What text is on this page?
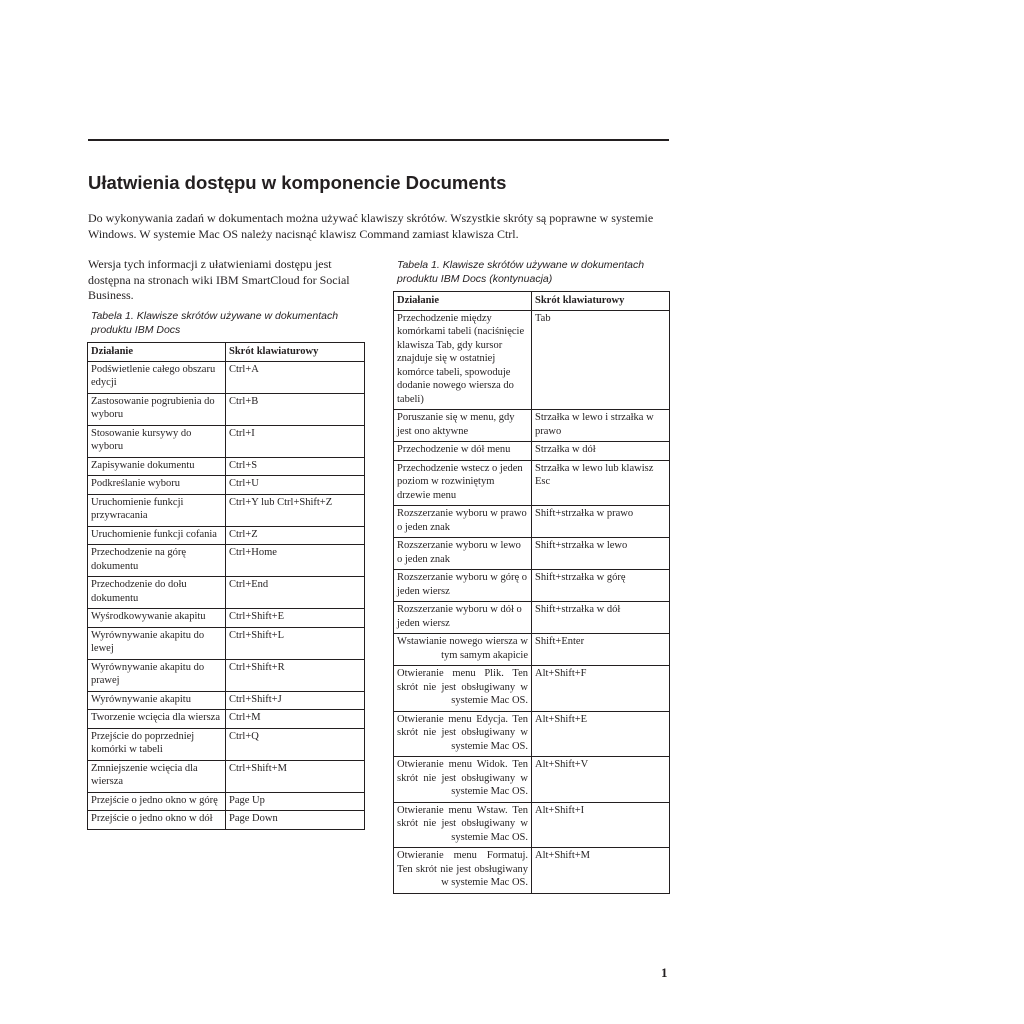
Ułatwienia dostępu w komponencie Documents

Do wykonywania zadań w dokumentach można używać klawiszy skrótów. Wszystkie skróty są poprawne w systemie Windows. W systemie Mac OS należy nacisnąć klawisz Command zamiast klawisza Ctrl.

Wersja tych informacji z ułatwieniami dostępu jest dostępna na stronach wiki IBM SmartCloud for Social Business.

Tabela 1. Klawisze skrótów używane w dokumentach produktu IBM Docs

Działanie	Skrót klawiaturowy
Podświetlenie całego obszaru edycji	Ctrl+A
Zastosowanie pogrubienia do wyboru	Ctrl+B
Stosowanie kursywy do wyboru	Ctrl+I
Zapisywanie dokumentu	Ctrl+S
Podkreślanie wyboru	Ctrl+U
Uruchomienie funkcji przywracania	Ctrl+Y lub Ctrl+Shift+Z
Uruchomienie funkcji cofania	Ctrl+Z
Przechodzenie na górę dokumentu	Ctrl+Home
Przechodzenie do dołu dokumentu	Ctrl+End
Wyśrodkowywanie akapitu	Ctrl+Shift+E
Wyrównywanie akapitu do lewej	Ctrl+Shift+L
Wyrównywanie akapitu do prawej	Ctrl+Shift+R
Wyrównywanie akapitu	Ctrl+Shift+J
Tworzenie wcięcia dla wiersza	Ctrl+M
Przejście do poprzedniej komórki w tabeli	Ctrl+Q
Zmniejszenie wcięcia dla wiersza	Ctrl+Shift+M
Przejście o jedno okno w górę	Page Up
Przejście o jedno okno w dół	Page Down

Tabela 1. Klawisze skrótów używane w dokumentach produktu IBM Docs (kontynuacja)

Działanie	Skrót klawiaturowy
Przechodzenie między komórkami tabeli (naciśnięcie klawisza Tab, gdy kursor znajduje się w ostatniej komórce tabeli, spowoduje dodanie nowego wiersza do tabeli)	Tab
Poruszanie się w menu, gdy jest ono aktywne	Strzałka w lewo i strzałka w prawo
Przechodzenie w dół menu	Strzałka w dół
Przechodzenie wstecz o jeden poziom w rozwiniętym drzewie menu	Strzałka w lewo lub klawisz Esc
Rozszerzanie wyboru w prawo o jeden znak	Shift+strzałka w prawo
Rozszerzanie wyboru w lewo o jeden znak	Shift+strzałka w lewo
Rozszerzanie wyboru w górę o jeden wiersz	Shift+strzałka w górę
Rozszerzanie wyboru w dół o jeden wiersz	Shift+strzałka w dół
Wstawianie nowego wiersza w tym samym akapicie	Shift+Enter
Otwieranie menu Plik. Ten skrót nie jest obsługiwany w systemie Mac OS.	Alt+Shift+F
Otwieranie menu Edycja. Ten skrót nie jest obsługiwany w systemie Mac OS.	Alt+Shift+E
Otwieranie menu Widok. Ten skrót nie jest obsługiwany w systemie Mac OS.	Alt+Shift+V
Otwieranie menu Wstaw. Ten skrót nie jest obsługiwany w systemie Mac OS.	Alt+Shift+I
Otwieranie menu Formatuj. Ten skrót nie jest obsługiwany w systemie Mac OS.	Alt+Shift+M
1
